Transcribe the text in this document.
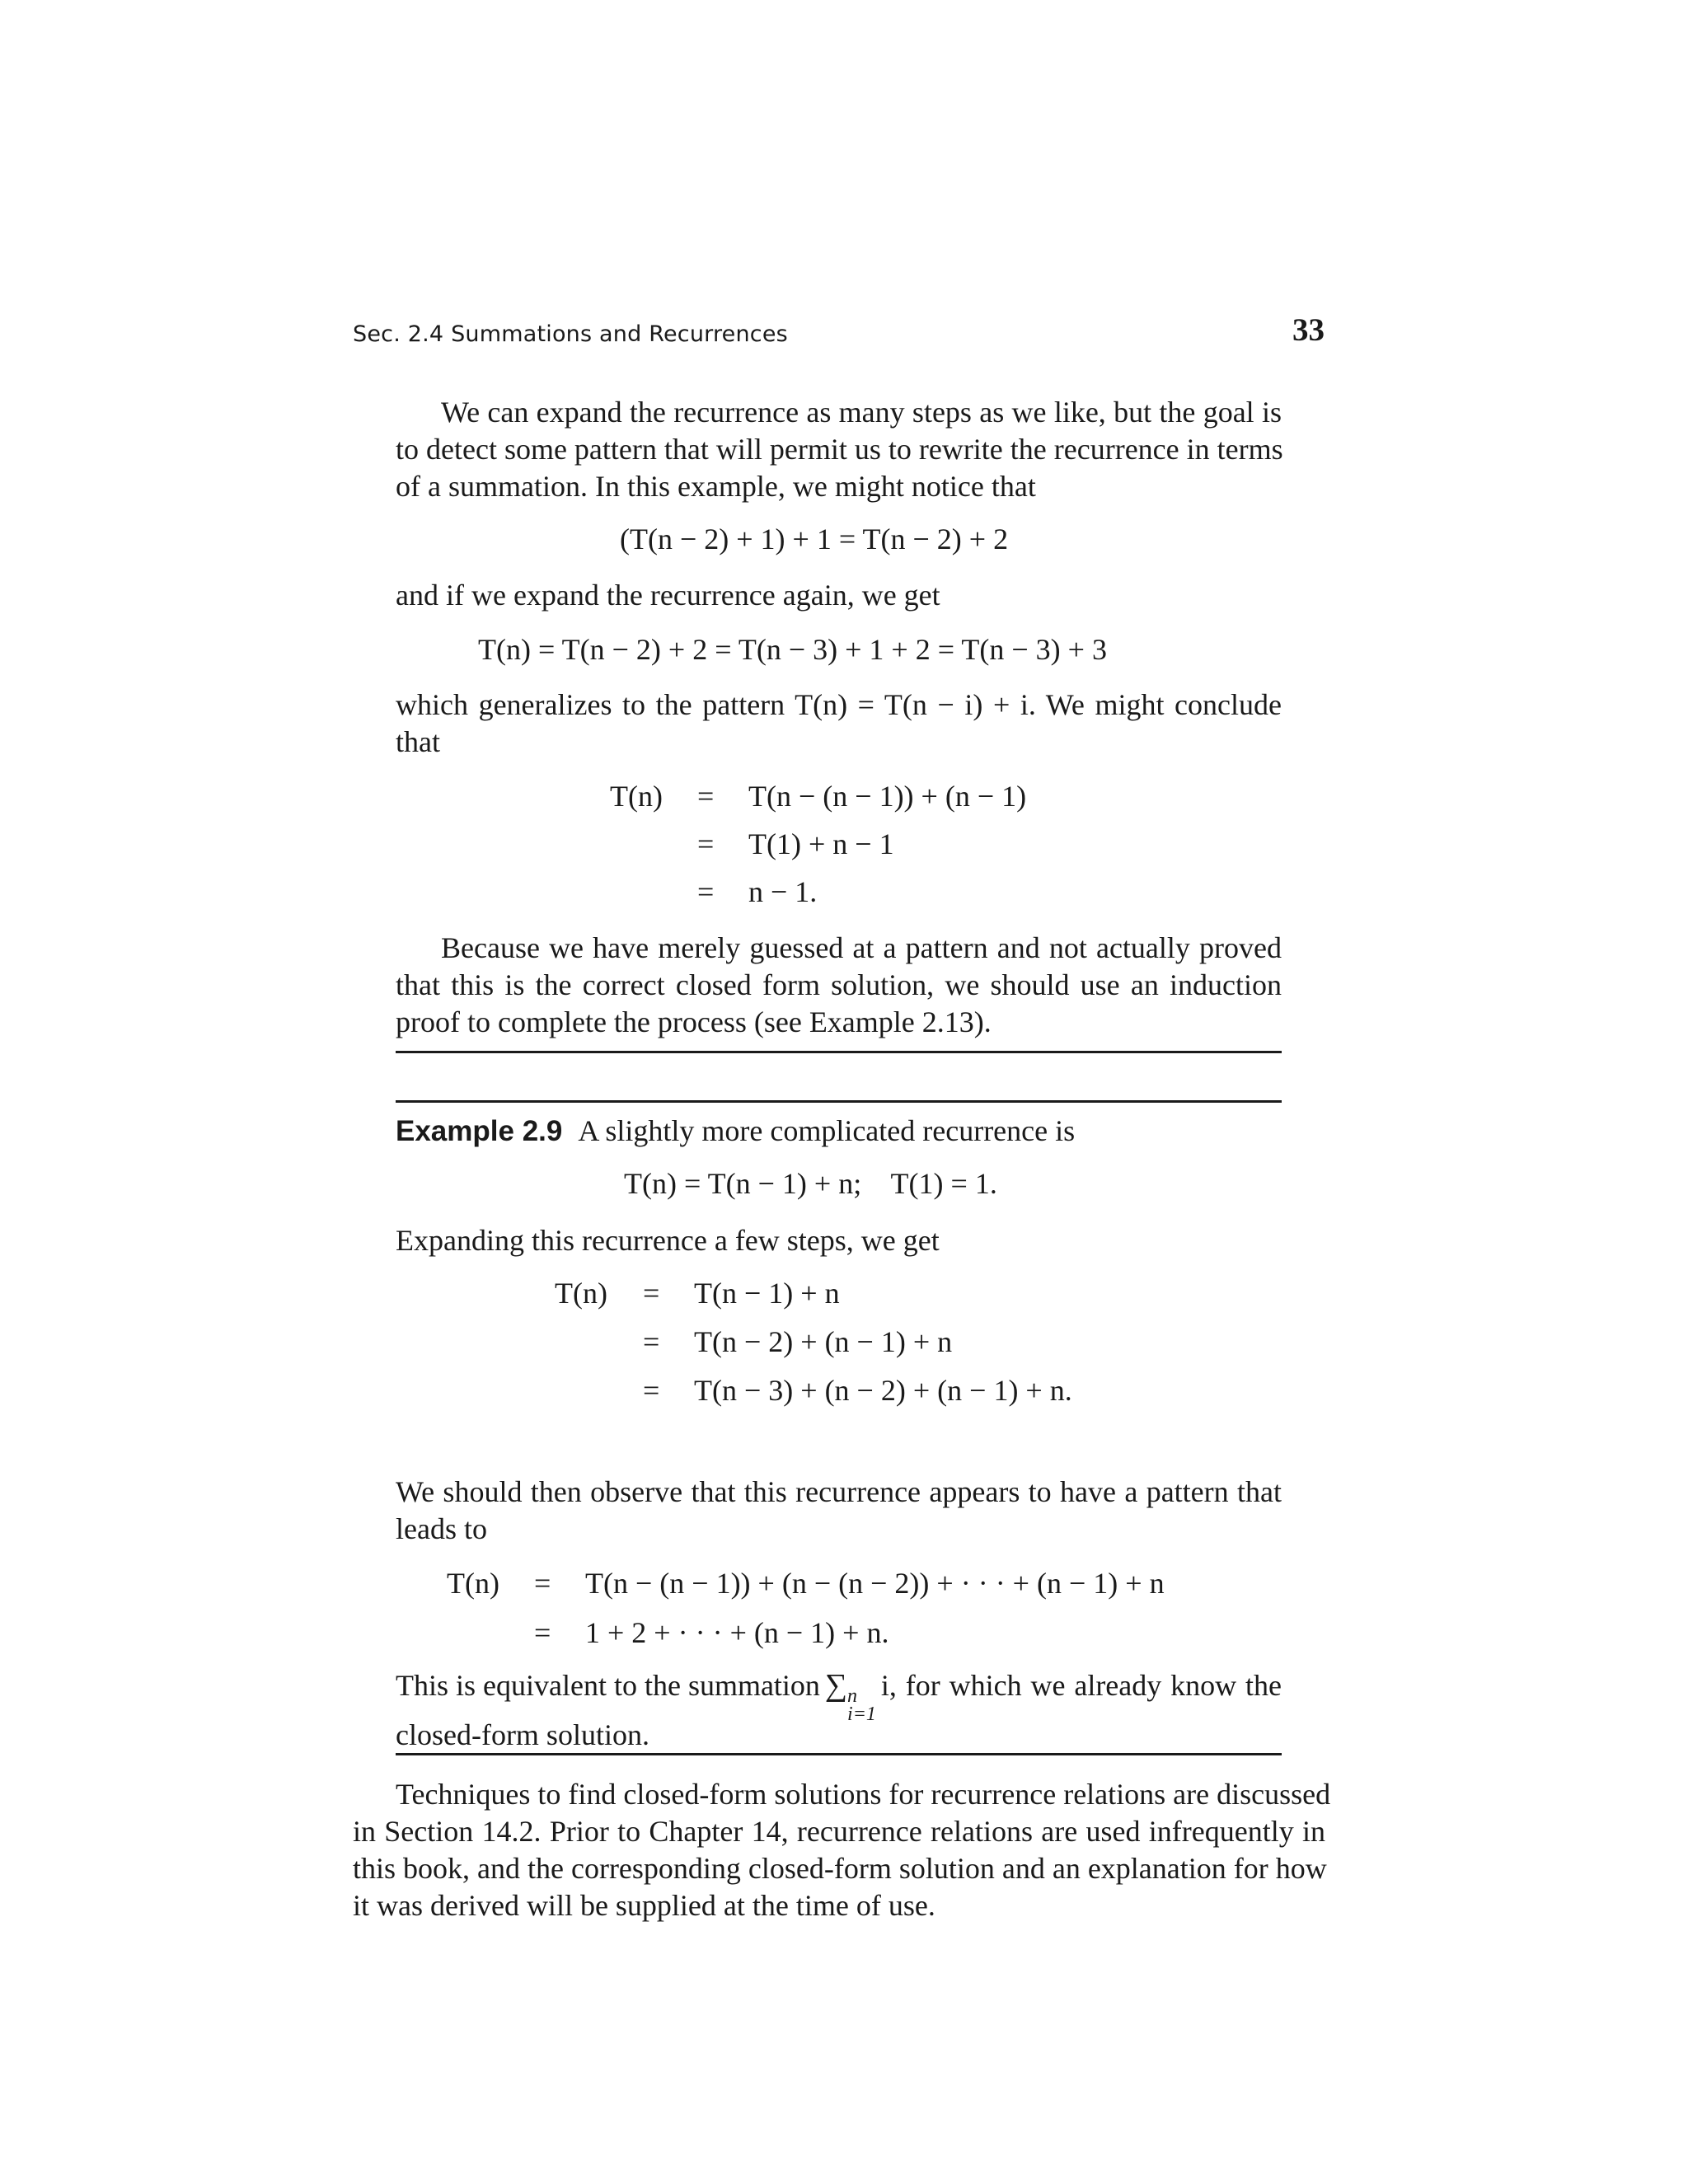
Sec. 2.4 Summations and Recurrences	33
We can expand the recurrence as many steps as we like, but the goal is
to detect some pattern that will permit us to rewrite the recurrence in terms
of a summation. In this example, we might notice that
(T(n − 2) + 1) + 1 = T(n − 2) + 2
and if we expand the recurrence again, we get
T(n) = T(n − 2) + 2 = T(n − 3) + 1 + 2 = T(n − 3) + 3
which generalizes to the pattern T(n) = T(n − i) + i. We might conclude
that
T(n) = T(n − (n − 1)) + (n − 1)
= T(1) + n − 1
= n − 1.
Because we have merely guessed at a pattern and not actually proved
that this is the correct closed form solution, we should use an induction
proof to complete the process (see Example 2.13).
Example 2.9 A slightly more complicated recurrence is
T(n) = T(n − 1) + n;    T(1) = 1.
Expanding this recurrence a few steps, we get
T(n) = T(n − 1) + n
= T(n − 2) + (n − 1) + n
= T(n − 3) + (n − 2) + (n − 1) + n.
We should then observe that this recurrence appears to have a pattern that
leads to
T(n) = T(n − (n − 1)) + (n − (n − 2)) + · · · + (n − 1) + n
= 1 + 2 + · · · + (n − 1) + n.
This is equivalent to the summation ∑ n
i=1
i, for which we already know the
closed-form solution.
Techniques to find closed-form solutions for recurrence relations are discussed
in Section 14.2. Prior to Chapter 14, recurrence relations are used infrequently in
this book, and the corresponding closed-form solution and an explanation for how
it was derived will be supplied at the time of use.
